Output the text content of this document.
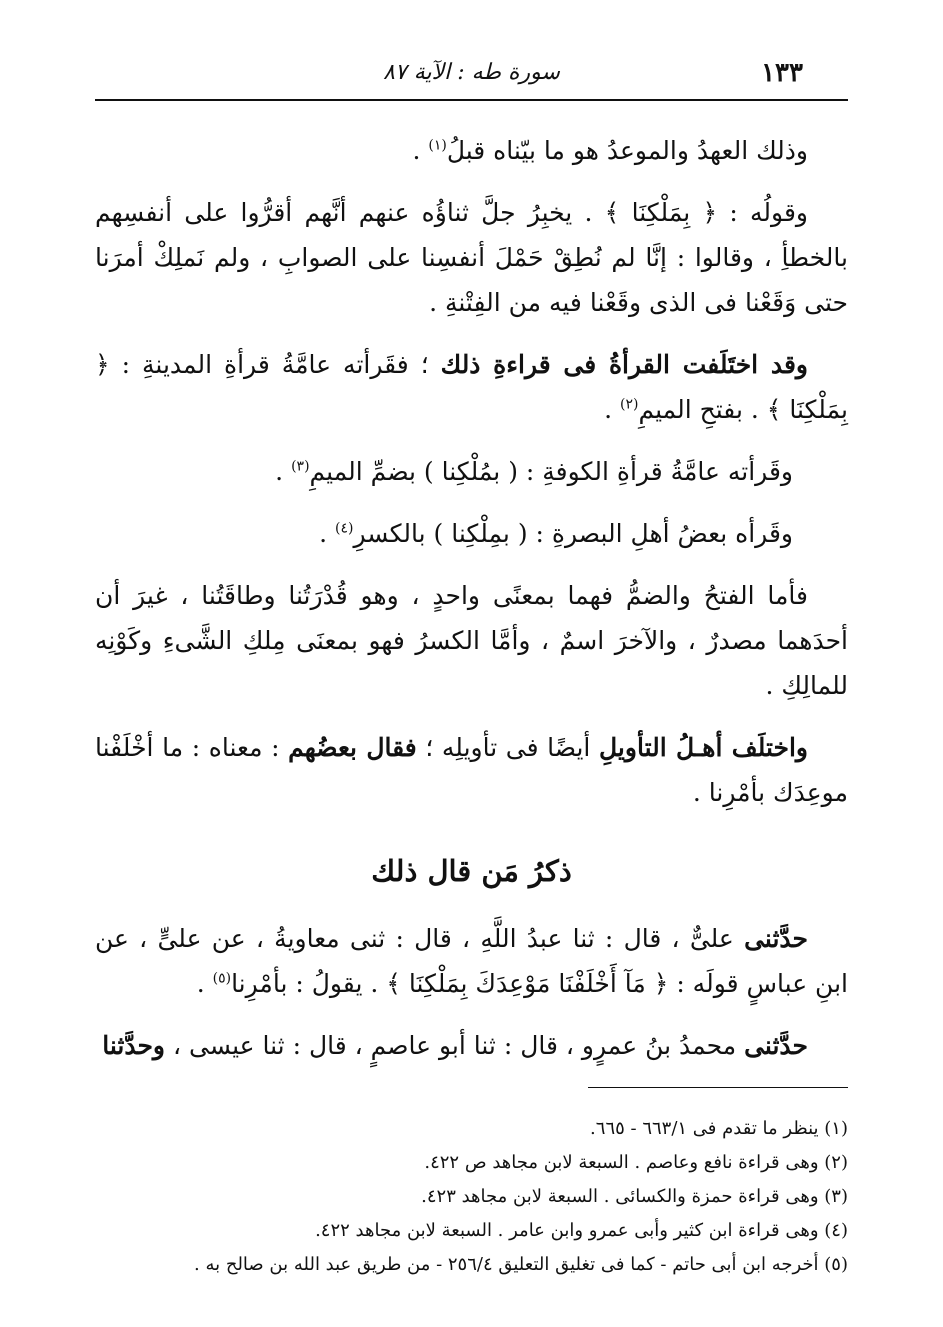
١٣٣
سورة طه : الآية ٨٧

وذلك العهدُ والموعدُ هو ما بيّناه قبلُ$^{(١)}$ .

وقولُه : ﴿ بِمَلْكِنَا ﴾ . يخبِرُ جلَّ ثناؤُه عنهم أنَّهم أقرُّوا على أنفسِهم بالخطأِ ، وقالوا : إنَّا لم نُطِقْ حَمْلَ أنفسِنا على الصوابِ ، ولم نَملِكْ أمرَنا حتى وَقَعْنا فى الذى وقَعْنا فيه من الفِتْنةِ .

وقد اختَلَفت القرأةُ فى قراءةِ ذلك ؛ فقَرأته عامَّةُ قرأةِ المدينةِ : ﴿ بِمَلْكِنَا ﴾ . بفتحِ الميمِ$^{(٢)}$ .

وقَرأته عامَّةُ قرأةِ الكوفةِ : ( بمُلْكِنا ) بضمِّ الميمِ$^{(٣)}$ .

وقَرأه بعضُ أهلِ البصرةِ : ( بمِلْكِنا ) بالكسرِ$^{(٤)}$ .

فأما الفتحُ والضمُّ فهما بمعنًى واحدٍ ، وهو قُدْرَتُنا وطاقَتُنا ، غيرَ أن أحدَهما مصدرٌ ، والآخرَ اسمٌ ، وأمَّا الكسرُ فهو بمعنَى مِلكِ الشَّىءِ وكَوْنِه للمالِكِ .

واختلَف أهـلُ التأويلِ أيضًا فى تأويلِه ؛ فقال بعضُهم : معناه : ما أخْلَفْنا موعِدَك بأمْرِنا .

ذكرُ مَن قال ذلك

حدَّثنى علىٌّ ، قال : ثنا عبدُ اللَّهِ ، قال : ثنى معاويةُ ، عن علىٍّ ، عن ابنِ عباسٍ قولَه : ﴿ مَآ أَخْلَفْنَا مَوْعِدَكَ بِمَلْكِنَا ﴾ . يقولُ : بأمْرِنا$^{(٥)}$ .

حدَّثنى محمدُ بنُ عمرٍو ، قال : ثنا أبو عاصمٍ ، قال : ثنا عيسى ، وحدَّثنا

(١) ينظر ما تقدم فى ٦٦٣/١ - ٦٦٥.

(٢) وهى قراءة نافع وعاصم . السبعة لابن مجاهد ص ٤٢٢.

(٣) وهى قراءة حمزة والكسائى . السبعة لابن مجاهد ٤٢٣.

(٤) وهى قراءة ابن كثير وأبى عمرو وابن عامر . السبعة لابن مجاهد ٤٢٢.

(٥) أخرجه ابن أبى حاتم - كما فى تغليق التعليق ٢٥٦/٤ - من طريق عبد الله بن صالح به .
